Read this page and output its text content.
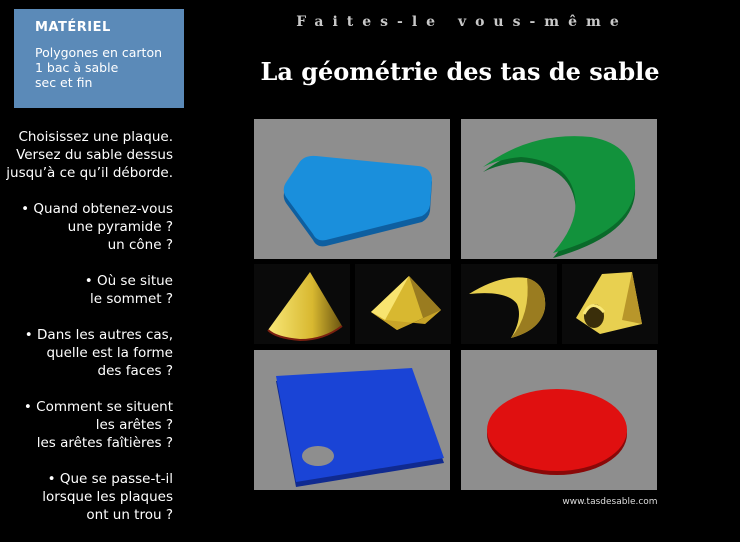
MATÉRIEL
Polygones en carton
1 bac à sable
sec et fin
Choisissez une plaque.
Versez du sable dessus
jusqu’à ce qu’il déborde.
• Quand obtenez-vous
une pyramide ?
un cône ?
• Où se situe
le sommet ?
• Dans les autres cas,
quelle est la forme
des faces ?
• Comment se situent
les arêtes ?
les arêtes faîtières ?
• Que se passe-t-il
lorsque les plaques
ont un trou ?
Faites-le vous-même
La géométrie des tas de sable
www.tasdesable.com
